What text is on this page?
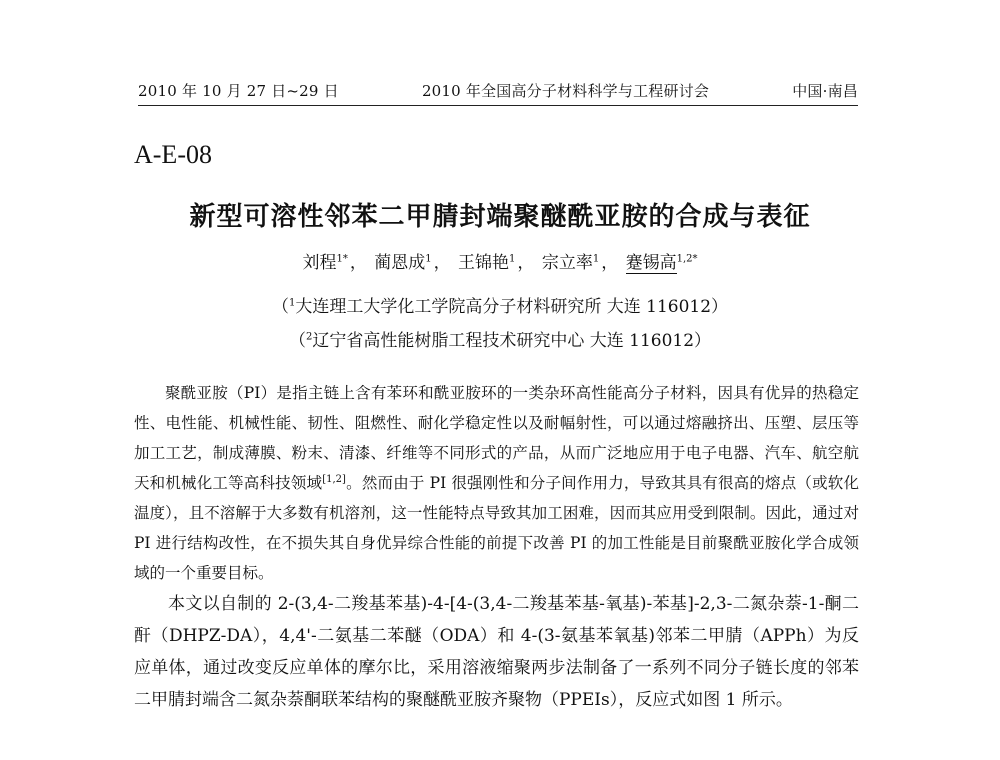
2010 年 10 月 27 日~29 日	2010 年全国高分子材料科学与工程研讨会	中国·南昌
A-E-08
新型可溶性邻苯二甲腈封端聚醚酰亚胺的合成与表征
刘程$^{1*}$ ， 蔺恩成$^1$ ， 王锦艳$^1$ ， 宗立率$^1$ ， 蹇锡高$^{1,2*}$
（$^1$大连理工大学化工学院高分子材料研究所 大连 116012）
（$^2$辽宁省高性能树脂工程技术研究中心 大连 116012）

聚酰亚胺（PI）是指主链上含有苯环和酰亚胺环的一类杂环高性能高分子材料，因具有优异的热稳定性、电性能、机械性能、韧性、阻燃性、耐化学稳定性以及耐幅射性，可以通过熔融挤出、压塑、层压等加工工艺，制成薄膜、粉末、清漆、纤维等不同形式的产品，从而广泛地应用于电子电器、汽车、航空航天和机械化工等高科技领域[1,2]。然而由于 PI 很强刚性和分子间作用力，导致其具有很高的熔点（或软化温度），且不溶解于大多数有机溶剂，这一性能特点导致其加工困难，因而其应用受到限制。因此，通过对 PI 进行结构改性，在不损失其自身优异综合性能的前提下改善 PI 的加工性能是目前聚酰亚胺化学合成领域的一个重要目标。

本文以自制的 2-(3,4-二羧基苯基)-4-[4-(3,4-二羧基苯基-氧基)-苯基]-2,3-二氮杂萘-1-酮二酐（DHPZ-DA），4,4'-二氨基二苯醚（ODA）和 4-(3-氨基苯氧基)邻苯二甲腈（APPh）为反应单体，通过改变反应单体的摩尔比，采用溶液缩聚两步法制备了一系列不同分子链长度的邻苯二甲腈封端含二氮杂萘酮联苯结构的聚醚酰亚胺齐聚物（PPEIs），反应式如图 1 所示。
